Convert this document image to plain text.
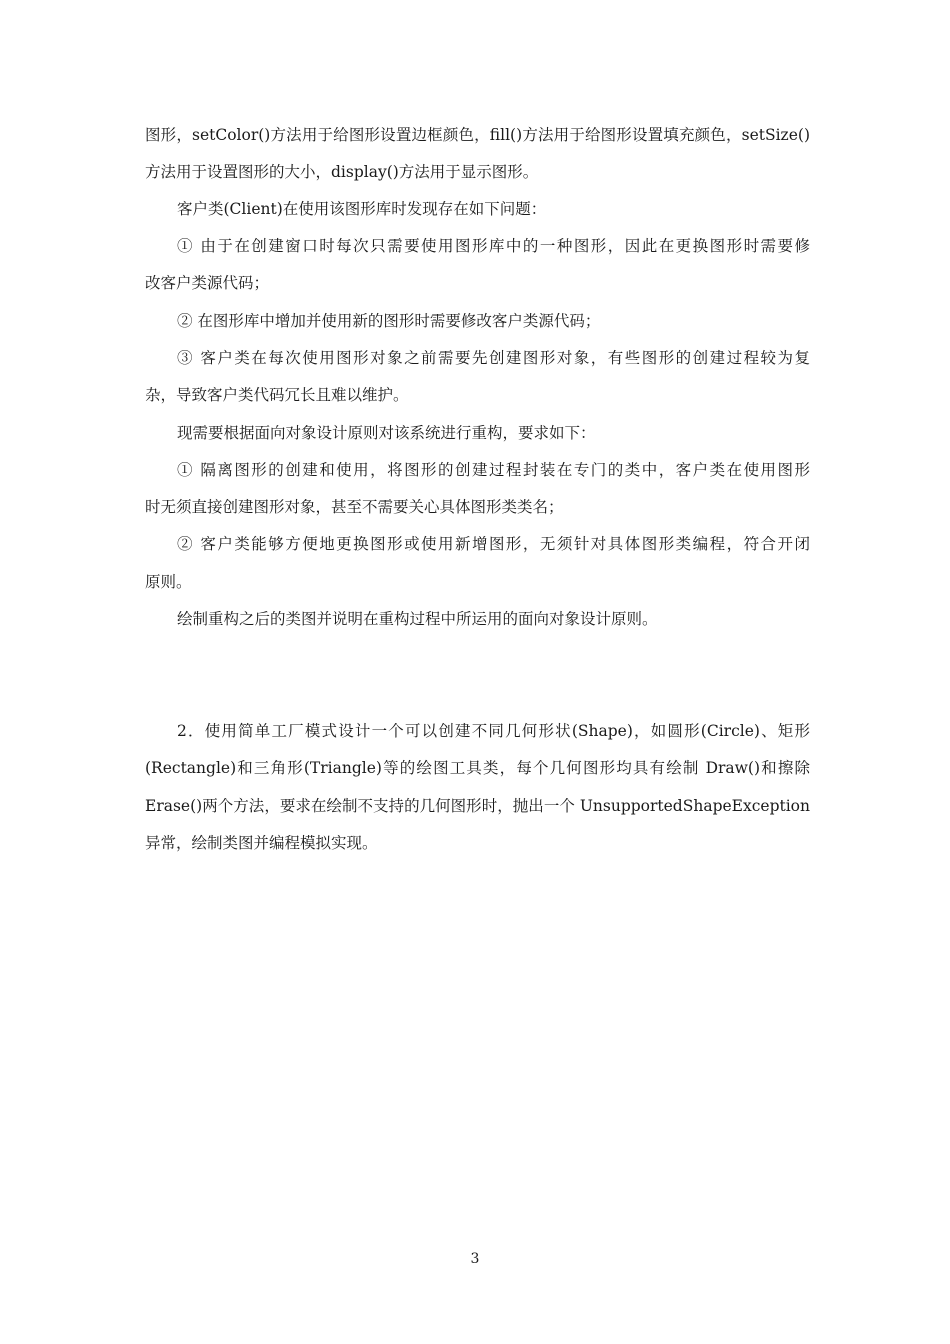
图形，setColor()方法用于给图形设置边框颜色，fill()方法用于给图形设置填充颜色，setSize()
方法用于设置图形的大小，display()方法用于显示图形。
客户类(Client)在使用该图形库时发现存在如下问题：
① 由于在创建窗口时每次只需要使用图形库中的一种图形，因此在更换图形时需要修
改客户类源代码；
② 在图形库中增加并使用新的图形时需要修改客户类源代码；
③ 客户类在每次使用图形对象之前需要先创建图形对象，有些图形的创建过程较为复
杂，导致客户类代码冗长且难以维护。
现需要根据面向对象设计原则对该系统进行重构，要求如下：
① 隔离图形的创建和使用，将图形的创建过程封装在专门的类中，客户类在使用图形
时无须直接创建图形对象，甚至不需要关心具体图形类类名；
② 客户类能够方便地更换图形或使用新增图形，无须针对具体图形类编程，符合开闭
原则。
绘制重构之后的类图并说明在重构过程中所运用的面向对象设计原则。
2．使用简单工厂模式设计一个可以创建不同几何形状(Shape)，如圆形(Circle)、矩形
(Rectangle)和三角形(Triangle)等的绘图工具类，每个几何图形均具有绘制 Draw()和擦除
Erase()两个方法，要求在绘制不支持的几何图形时，抛出一个 UnsupportedShapeException
异常，绘制类图并编程模拟实现。
3
